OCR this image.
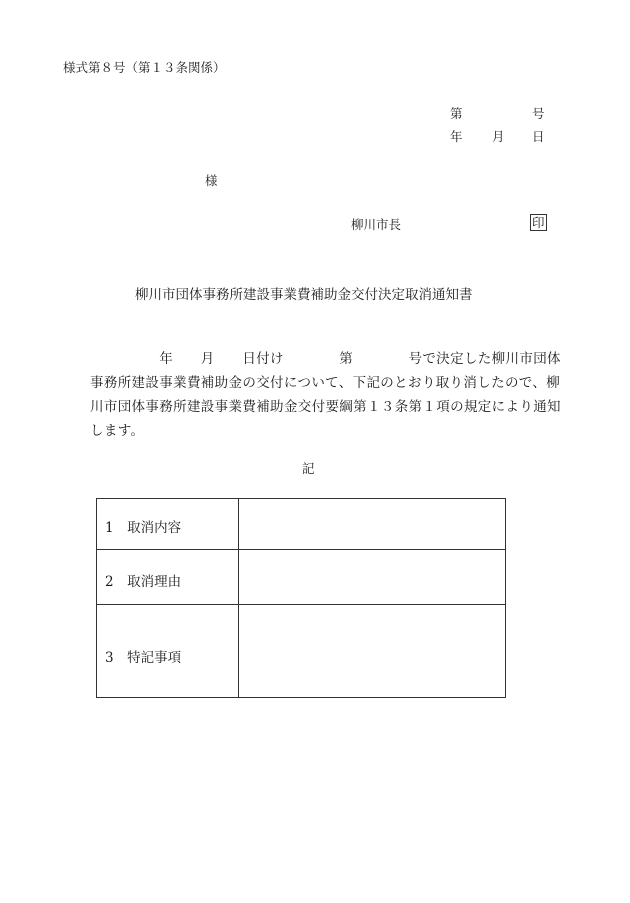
様式第８号（第１３条関係）
第	号
年 月 日
様
柳川市長	印
柳川市団体事務所建設事業費補助金交付決定取消通知書
　　　　　年　　月　　日付け　　　　第　　　　号で決定した柳川市団体
事務所建設事業費補助金の交付について、下記のとおり取り消したので、柳
川市団体事務所建設事業費補助金交付要綱第１３条第１項の規定により通知
します。
記
1　取消内容
2　取消理由
3　特記事項
